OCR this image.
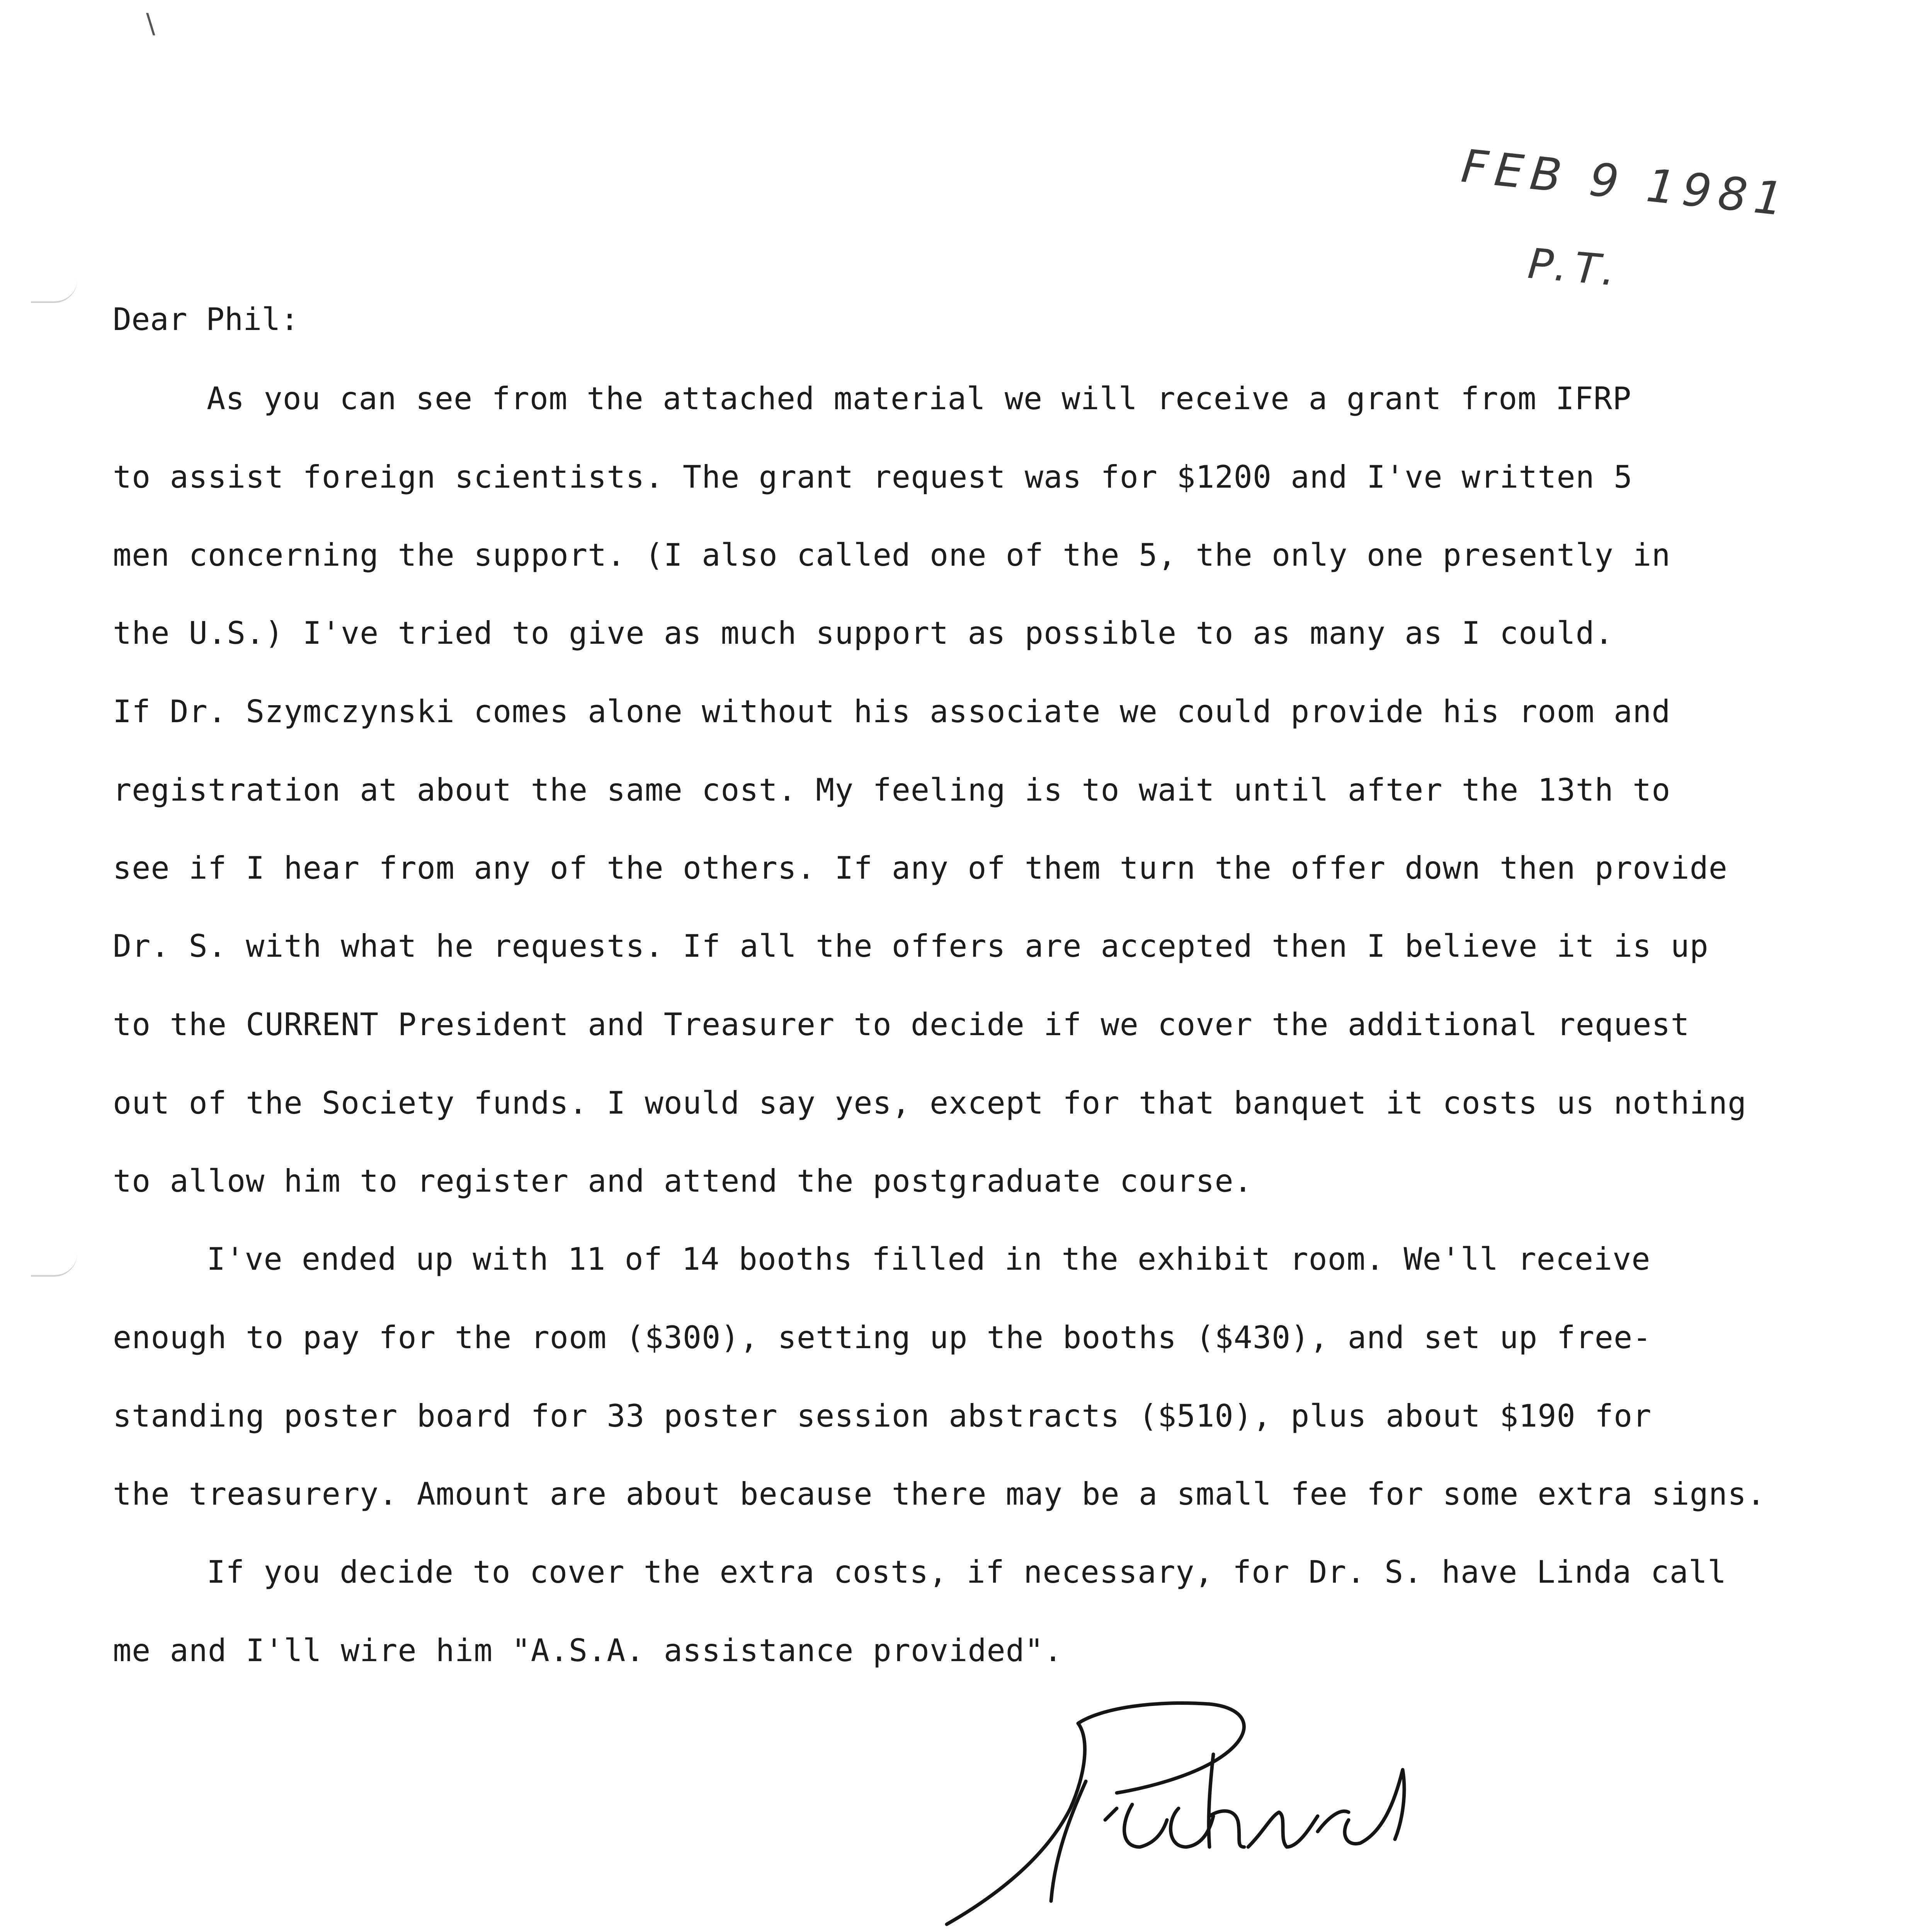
\
FEB 9 1981
P.T.
Dear Phil:
As you can see from the attached material we will receive a grant from IFRP
to assist foreign scientists. The grant request was for $1200 and I've written 5
men concerning the support. (I also called one of the 5, the only one presently in
the U.S.) I've tried to give as much support as possible to as many as I could.
If Dr. Szymczynski comes alone without his associate we could provide his room and
registration at about the same cost. My feeling is to wait until after the 13th to
see if I hear from any of the others. If any of them turn the offer down then provide
Dr. S. with what he requests. If all the offers are accepted then I believe it is up
to the CURRENT President and Treasurer to decide if we cover the additional request
out of the Society funds. I would say yes, except for that banquet it costs us nothing
to allow him to register and attend the postgraduate course.
I've ended up with 11 of 14 booths filled in the exhibit room. We'll receive
enough to pay for the room ($300), setting up the booths ($430), and set up free-
standing poster board for 33 poster session abstracts ($510), plus about $190 for
the treasurery. Amount are about because there may be a small fee for some extra signs.
If you decide to cover the extra costs, if necessary, for Dr. S. have Linda call
me and I'll wire him "A.S.A. assistance provided".
